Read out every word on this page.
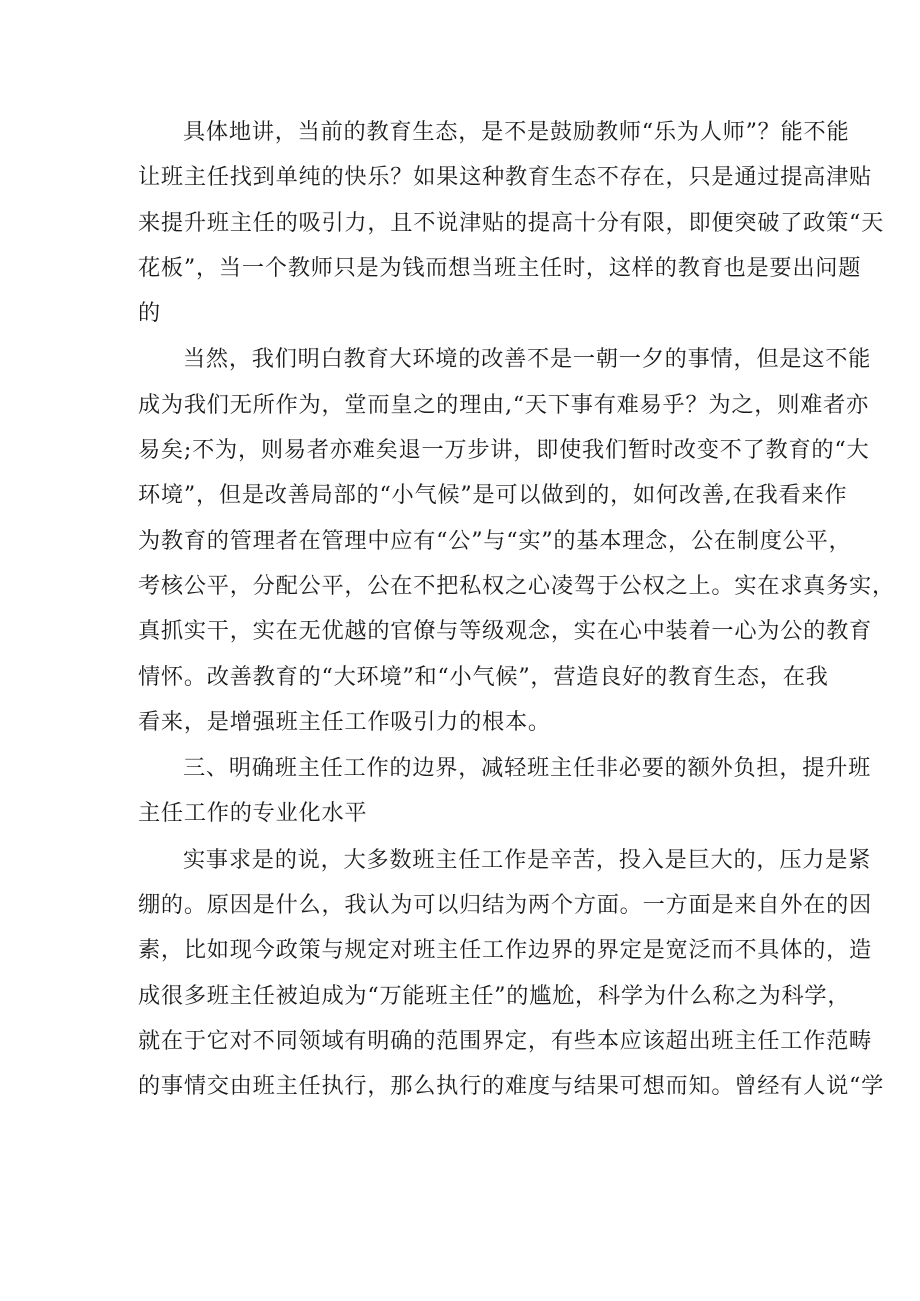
具体地讲，当前的教育生态，是不是鼓励教师“乐为人师”？能不能
让班主任找到单纯的快乐？如果这种教育生态不存在，只是通过提高津贴
来提升班主任的吸引力，且不说津贴的提高十分有限，即便突破了政策“天
花板”，当一个教师只是为钱而想当班主任时，这样的教育也是要出问题
的

当然，我们明白教育大环境的改善不是一朝一夕的事情，但是这不能
成为我们无所作为，堂而皇之的理由,“天下事有难易乎？为之，则难者亦
易矣;不为，则易者亦难矣退一万步讲，即使我们暂时改变不了教育的“大
环境”，但是改善局部的“小气候”是可以做到的，如何改善,在我看来作
为教育的管理者在管理中应有“公”与“实”的基本理念，公在制度公平，
考核公平，分配公平，公在不把私权之心凌驾于公权之上。实在求真务实，
真抓实干，实在无优越的官僚与等级观念，实在心中装着一心为公的教育
情怀。改善教育的“大环境”和“小气候”，营造良好的教育生态，在我
看来，是增强班主任工作吸引力的根本。

三、明确班主任工作的边界，减轻班主任非必要的额外负担，提升班
主任工作的专业化水平

实事求是的说，大多数班主任工作是辛苦，投入是巨大的，压力是紧
绷的。原因是什么，我认为可以归结为两个方面。一方面是来自外在的因
素，比如现今政策与规定对班主任工作边界的界定是宽泛而不具体的，造
成很多班主任被迫成为“万能班主任”的尴尬，科学为什么称之为科学，
就在于它对不同领域有明确的范围界定，有些本应该超出班主任工作范畴
的事情交由班主任执行，那么执行的难度与结果可想而知。曾经有人说“学
